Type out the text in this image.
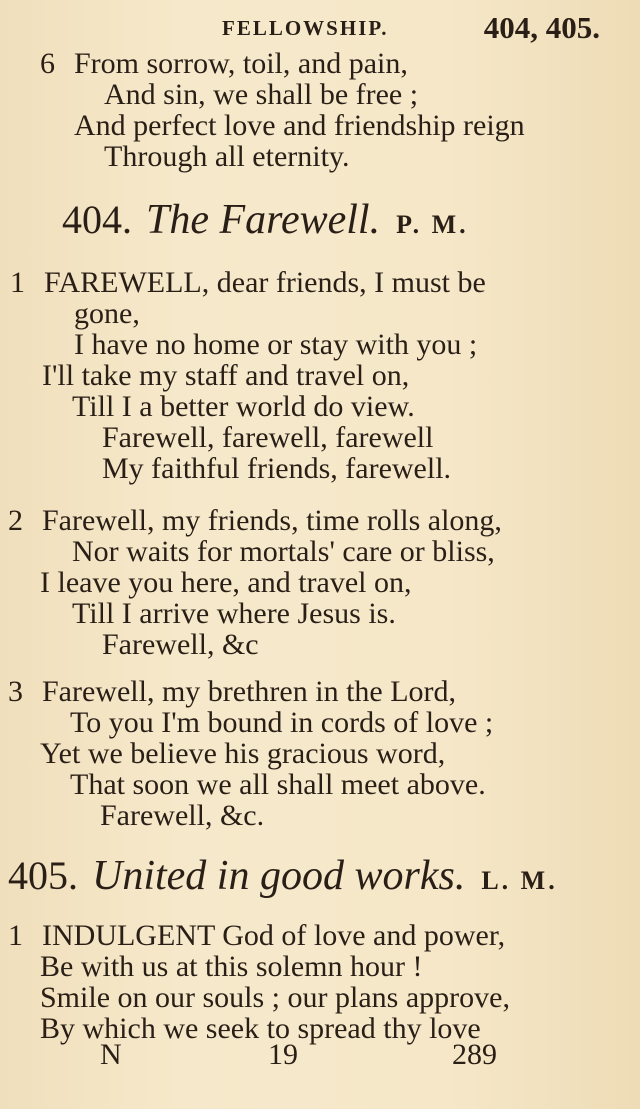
FELLOWSHIP.	404, 405.
6 From sorrow, toil, and pain,
And sin, we shall be free ;
And perfect love and friendship reign
Through all eternity.
404. The Farewell. P. M.
1 FAREWELL, dear friends, I must be
gone,
I have no home or stay with you ;
I'll take my staff and travel on,
Till I a better world do view.
Farewell, farewell, farewell
My faithful friends, farewell.
2 Farewell, my friends, time rolls along,
Nor waits for mortals' care or bliss,
I leave you here, and travel on,
Till I arrive where Jesus is.
Farewell, &c
3 Farewell, my brethren in the Lord,
To you I'm bound in cords of love ;
Yet we believe his gracious word,
That soon we all shall meet above.
Farewell, &c.
405. United in good works. L. M.
1 INDULGENT God of love and power,
Be with us at this solemn hour !
Smile on our souls ; our plans approve,
By which we seek to spread thy love
N	19	289
